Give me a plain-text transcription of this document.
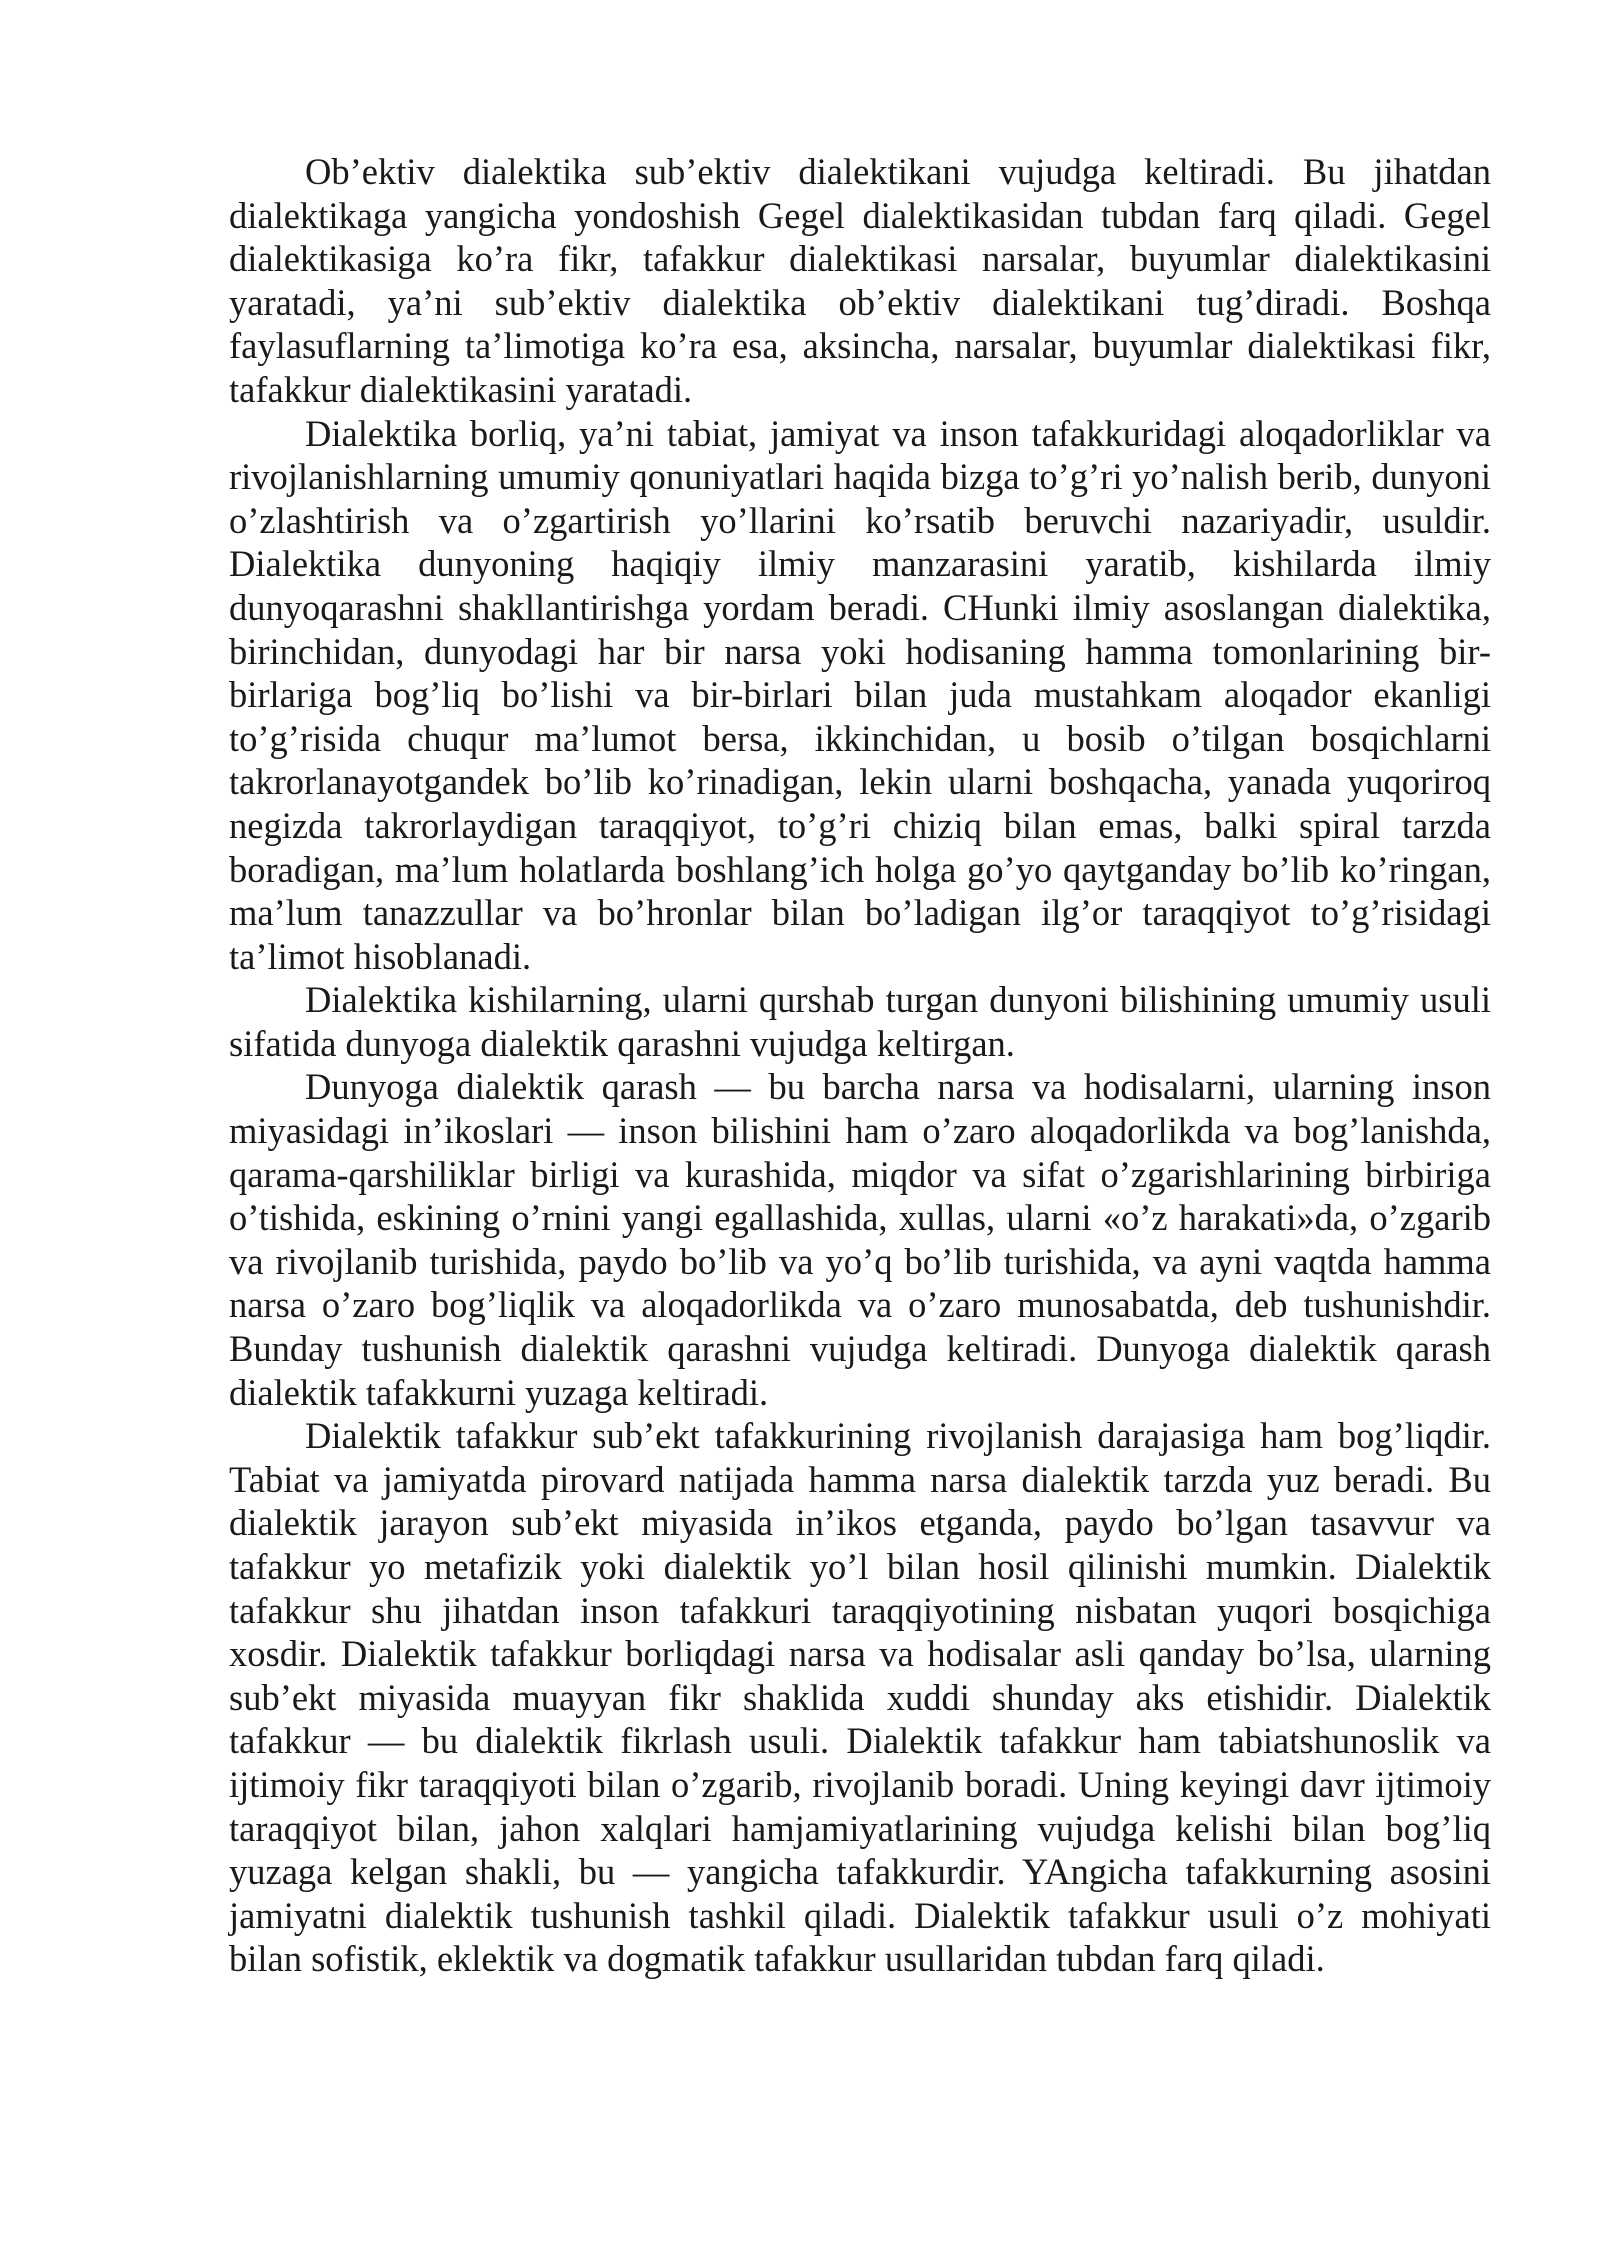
Ob’ektiv dialektika sub’ektiv dialektikani vujudga keltiradi. Bu jihatdan dialektikaga yangicha yondoshish Gegel dialektikasidan tubdan farq qiladi. Gegel dialektikasiga ko’ra fikr, tafakkur dialektikasi narsalar, buyumlar dialektikasini yaratadi, ya’ni sub’ektiv dialektika ob’ektiv dialektikani tug’diradi. Boshqa faylasuflarning ta’limotiga ko’ra esa, aksincha, narsalar, buyumlar dialektikasi fikr, tafakkur dialektikasini yaratadi.

Dialektika borliq, ya’ni tabiat, jamiyat va inson tafakkuridagi aloqadorliklar va rivojlanishlarning umumiy qonuniyatlari haqida bizga to’g’ri yo’nalish berib, dunyoni o’zlashtirish va o’zgartirish yo’llarini ko’rsatib beruvchi nazariyadir, usuldir. Dialektika dunyoning haqiqiy ilmiy manzarasini yaratib, kishilarda ilmiy dunyoqarashni shakllantirishga yordam beradi. CHunki ilmiy asoslangan dialektika, birinchidan, dunyodagi har bir narsa yoki hodisaning hamma tomonlarining bir-birlariga bog’liq bo’lishi va bir-birlari bilan juda mustahkam aloqador ekanligi to’g’risida chuqur ma’lumot bersa, ikkinchidan, u bosib o’tilgan bosqichlarni takrorlanayotgandek bo’lib ko’rinadigan, lekin ularni boshqacha, yanada yuqoriroq negizda takrorlaydigan taraqqiyot, to’g’ri chiziq bilan emas, balki spiral tarzda boradigan, ma’lum holatlarda boshlang’ich holga go’yo qaytganday bo’lib ko’ringan, ma’lum tanazzullar va bo’hronlar bilan bo’ladigan ilg’or taraqqiyot to’g’risidagi ta’limot hisoblanadi.

Dialektika kishilarning, ularni qurshab turgan dunyoni bilishining umumiy usuli sifatida dunyoga dialektik qarashni vujudga keltirgan.

Dunyoga dialektik qarash — bu barcha narsa va hodisalarni, ularning inson miyasidagi in’ikoslari — inson bilishini ham o’zaro aloqadorlikda va bog’lanishda, qarama-qarshiliklar birligi va kurashida, miqdor va sifat o’zgarishlarining birbiriga o’tishida, eskining o’rnini yangi egallashida, xullas, ularni «o’z harakati»da, o’zgarib va rivojlanib turishida, paydo bo’lib va yo’q bo’lib turishida, va ayni vaqtda hamma narsa o’zaro bog’liqlik va aloqadorlikda va o’zaro munosabatda, deb tushunishdir. Bunday tushunish dialektik qarashni vujudga keltiradi. Dunyoga dialektik qarash dialektik tafakkurni yuzaga keltiradi.

Dialektik tafakkur sub’ekt tafakkurining rivojlanish darajasiga ham bog’liqdir. Tabiat va jamiyatda pirovard natijada hamma narsa dialektik tarzda yuz beradi. Bu dialektik jarayon sub’ekt miyasida in’ikos etganda, paydo bo’lgan tasavvur va tafakkur yo metafizik yoki dialektik yo’l bilan hosil qilinishi mumkin. Dialektik tafakkur shu jihatdan inson tafakkuri taraqqiyotining nisbatan yuqori bosqichiga xosdir. Dialektik tafakkur borliqdagi narsa va hodisalar asli qanday bo’lsa, ularning sub’ekt miyasida muayyan fikr shaklida xuddi shunday aks etishidir. Dialektik tafakkur — bu dialektik fikrlash usuli. Dialektik tafakkur ham tabiatshunoslik va ijtimoiy fikr taraqqiyoti bilan o’zgarib, rivojlanib boradi. Uning keyingi davr ijtimoiy taraqqiyot bilan, jahon xalqlari hamjamiyatlarining vujudga kelishi bilan bog’liq yuzaga kelgan shakli, bu — yangicha tafakkurdir. YAngicha tafakkurning asosini jamiyatni dialektik tushunish tashkil qiladi. Dialektik tafakkur usuli o’z mohiyati bilan sofistik, eklektik va dogmatik tafakkur usullaridan tubdan farq qiladi.
